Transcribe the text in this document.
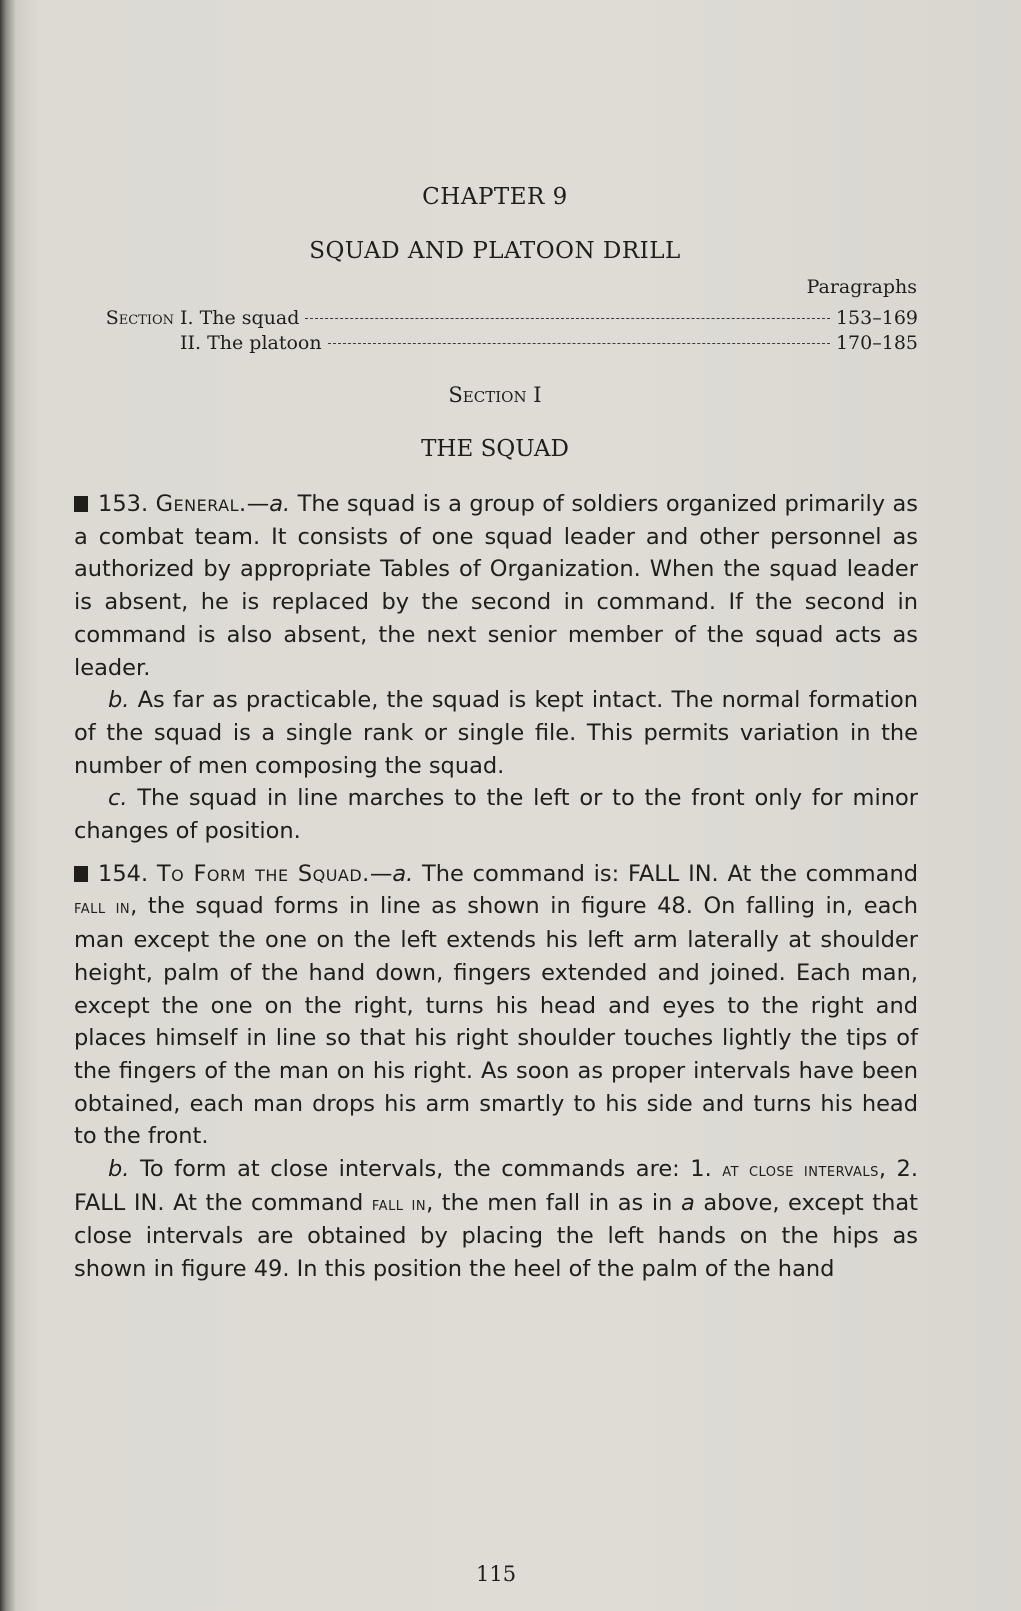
CHAPTER 9
SQUAD AND PLATOON DRILL
Paragraphs
Section I. The squad	153–169
II. The platoon	170–185
Section I
THE SQUAD

153. General.—a. The squad is a group of soldiers organized primarily as a combat team. It consists of one squad leader and other personnel as authorized by appropriate Tables of Organization. When the squad leader is absent, he is replaced by the second in command. If the second in command is also absent, the next senior member of the squad acts as leader.

b. As far as practicable, the squad is kept intact. The normal formation of the squad is a single rank or single file. This permits variation in the number of men composing the squad.

c. The squad in line marches to the left or to the front only for minor changes of position.

154. To Form the Squad.—a. The command is: FALL IN. At the command fall in, the squad forms in line as shown in figure 48. On falling in, each man except the one on the left extends his left arm laterally at shoulder height, palm of the hand down, fingers extended and joined. Each man, except the one on the right, turns his head and eyes to the right and places himself in line so that his right shoulder touches lightly the tips of the fingers of the man on his right. As soon as proper intervals have been obtained, each man drops his arm smartly to his side and turns his head to the front.

b. To form at close intervals, the commands are: 1. at close intervals, 2. FALL IN. At the command fall in, the men fall in as in a above, except that close intervals are obtained by placing the left hands on the hips as shown in figure 49. In this position the heel of the palm of the hand

115
